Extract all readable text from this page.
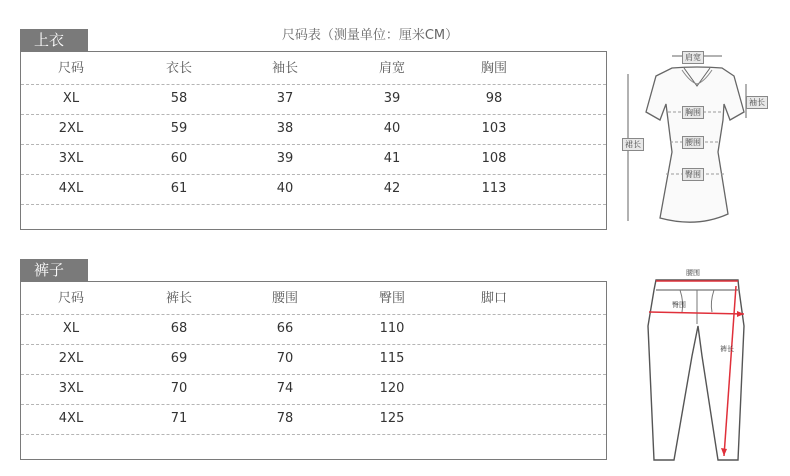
尺码表（测量单位：厘米CM）
上衣
尺码	衣长	袖长	肩宽	胸围
XL	58	37	39	98
2XL	59	38	40	103
3XL	60	39	41	108
4XL	61	40	42	113
肩宽
袖长
胸围
裙长	腰围
臀围
裤子
尺码	裤长	腰围	臀围	脚口
XL	68	66	110
2XL	69	70	115
3XL	70	74	120
4XL	71	78	125
腰围
臀围
裤长
